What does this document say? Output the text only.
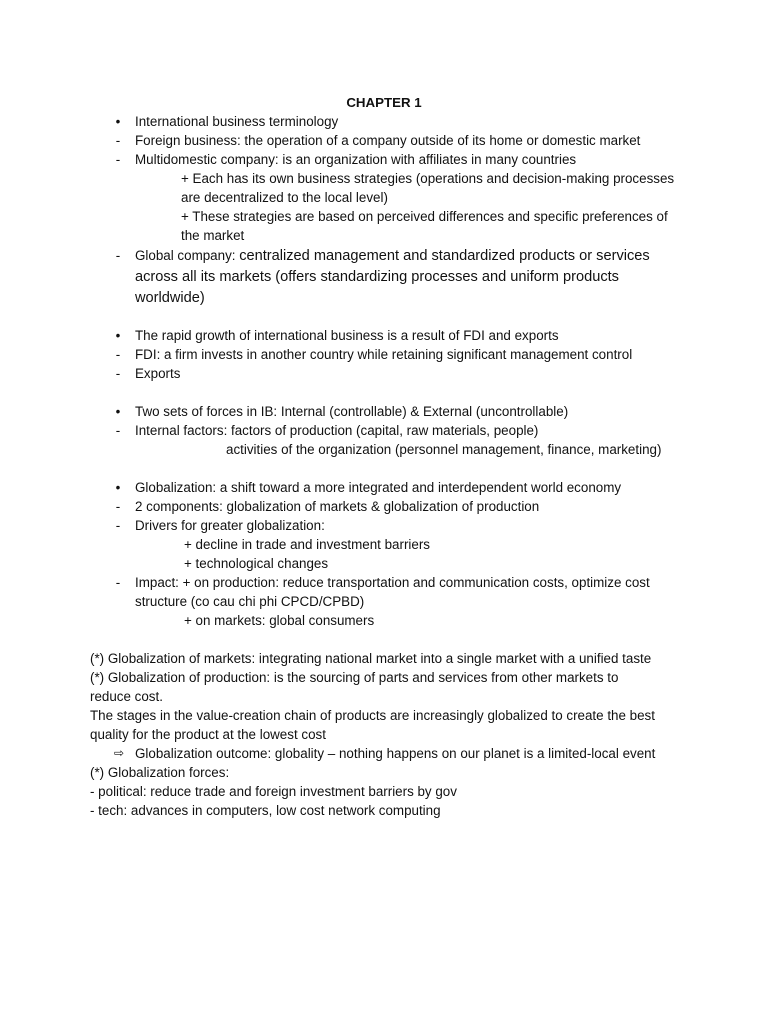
CHAPTER 1
•	International business terminology
-	Foreign business: the operation of a company outside of its home or domestic market
-	Multidomestic company: is an organization with affiliates in many countries
+ Each has its own business strategies (operations and decision-making processes
are decentralized to the local level)
+ These strategies are based on perceived differences and specific preferences of
the market
-	Global company: centralized management and standardized products or services
across all its markets (offers standardizing processes and uniform products
worldwide)
•	The rapid growth of international business is a result of FDI and exports
-	FDI: a firm invests in another country while retaining significant management control
-	Exports
•	Two sets of forces in IB: Internal (controllable) & External (uncontrollable)
-	Internal factors: factors of production (capital, raw materials, people)
activities of the organization (personnel management, finance, marketing)
•	Globalization: a shift toward a more integrated and interdependent world economy
-	2 components: globalization of markets & globalization of production
-	Drivers for greater globalization:
+ decline in trade and investment barriers
+ technological changes
-	Impact: + on production: reduce transportation and communication costs, optimize cost
structure (co cau chi phi CPCD/CPBD)
+ on markets: global consumers
(*) Globalization of markets: integrating national market into a single market with a unified taste
(*) Globalization of production: is the sourcing of parts and services from other markets to
reduce cost.
The stages in the value-creation chain of products are increasingly globalized to create the best
quality for the product at the lowest cost
⇨ Globalization outcome: globality – nothing happens on our planet is a limited-local event
(*) Globalization forces:
- political: reduce trade and foreign investment barriers by gov
- tech: advances in computers, low cost network computing
